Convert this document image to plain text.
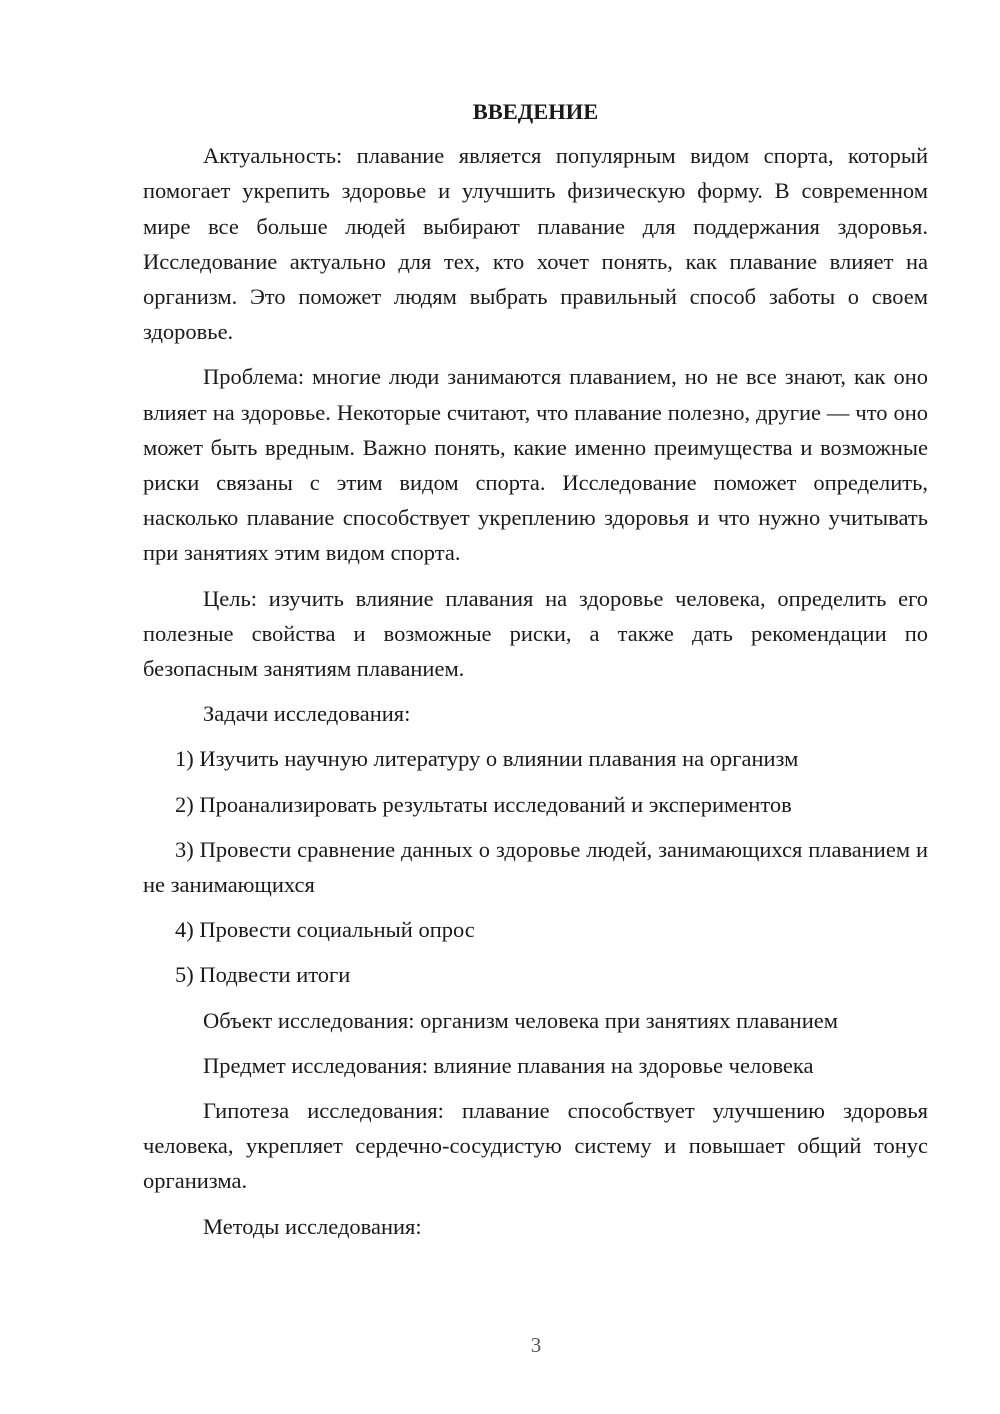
ВВЕДЕНИЕ

Актуальность: плавание является популярным видом спорта, который помогает укрепить здоровье и улучшить физическую форму. В современном мире все больше людей выбирают плавание для поддержания здоровья. Исследование актуально для тех, кто хочет понять, как плавание влияет на организм. Это поможет людям выбрать правильный способ заботы о своем здоровье.

Проблема: многие люди занимаются плаванием, но не все знают, как оно влияет на здоровье. Некоторые считают, что плавание полезно, другие — что оно может быть вредным. Важно понять, какие именно преимущества и возможные риски связаны с этим видом спорта. Исследование поможет определить, насколько плавание способствует укреплению здоровья и что нужно учитывать при занятиях этим видом спорта.

Цель: изучить влияние плавания на здоровье человека, определить его полезные свойства и возможные риски, а также дать рекомендации по безопасным занятиям плаванием.

Задачи исследования:

1) Изучить научную литературу о влиянии плавания на организм

2) Проанализировать результаты исследований и экспериментов

3) Провести сравнение данных о здоровье людей, занимающихся плаванием и не занимающихся

4) Провести социальный опрос

5) Подвести итоги

Объект исследования: организм человека при занятиях плаванием

Предмет исследования: влияние плавания на здоровье человека

Гипотеза исследования: плавание способствует улучшению здоровья человека, укрепляет сердечно-сосудистую систему и повышает общий тонус организма.

Методы исследования:

3
